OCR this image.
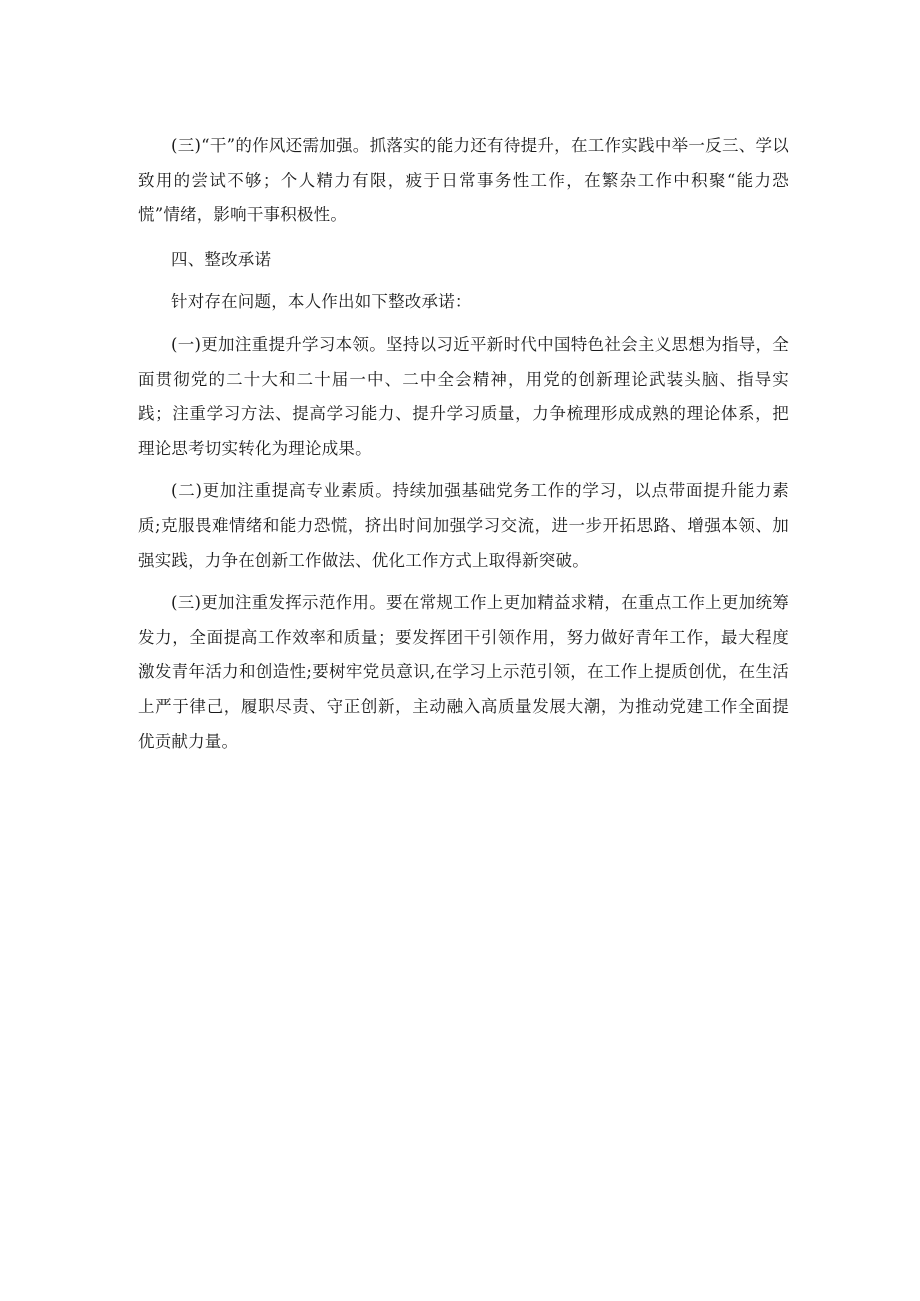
(三)“干”的作风还需加强。抓落实的能力还有待提升，在工作实践中举一反三、学以致用的尝试不够；个人精力有限，疲于日常事务性工作，在繁杂工作中积聚“能力恐慌”情绪，影响干事积极性。

四、整改承诺

针对存在问题，本人作出如下整改承诺：

(一)更加注重提升学习本领。坚持以习近平新时代中国特色社会主义思想为指导，全面贯彻党的二十大和二十届一中、二中全会精神，用党的创新理论武装头脑、指导实践；注重学习方法、提高学习能力、提升学习质量，力争梳理形成成熟的理论体系，把理论思考切实转化为理论成果。

(二)更加注重提高专业素质。持续加强基础党务工作的学习，以点带面提升能力素质;克服畏难情绪和能力恐慌，挤出时间加强学习交流，进一步开拓思路、增强本领、加强实践，力争在创新工作做法、优化工作方式上取得新突破。

(三)更加注重发挥示范作用。要在常规工作上更加精益求精，在重点工作上更加统筹发力，全面提高工作效率和质量；要发挥团干引领作用，努力做好青年工作，最大程度激发青年活力和创造性;要树牢党员意识,在学习上示范引领，在工作上提质创优，在生活上严于律己，履职尽责、守正创新，主动融入高质量发展大潮，为推动党建工作全面提优贡献力量。
